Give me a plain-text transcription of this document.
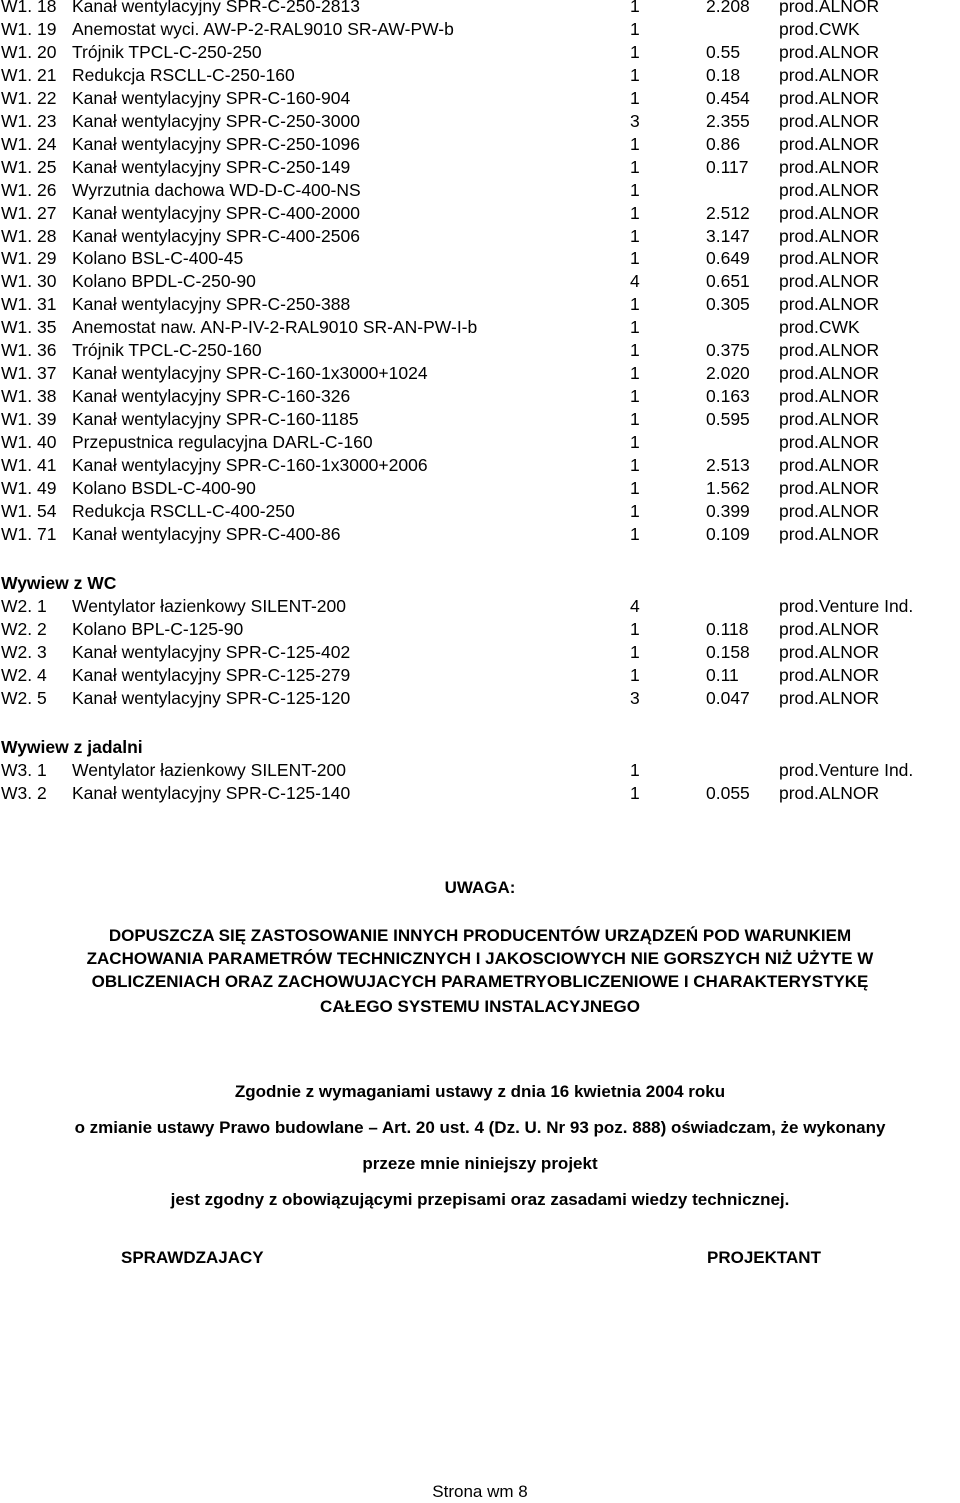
W1. 18 Kanał wentylacyjny SPR-C-250-2813	1	2.208 prod.ALNOR
W1. 19 Anemostat wyci. AW-P-2-RAL9010 SR-AW-PW-b	1	prod.CWK
W1. 20 Trójnik TPCL-C-250-250	1	0.55 prod.ALNOR
W1. 21 Redukcja RSCLL-C-250-160	1	0.18 prod.ALNOR
W1. 22 Kanał wentylacyjny SPR-C-160-904	1	0.454 prod.ALNOR
W1. 23 Kanał wentylacyjny SPR-C-250-3000	3	2.355 prod.ALNOR
W1. 24 Kanał wentylacyjny SPR-C-250-1096	1	0.86 prod.ALNOR
W1. 25 Kanał wentylacyjny SPR-C-250-149	1	0.117 prod.ALNOR
W1. 26 Wyrzutnia dachowa WD-D-C-400-NS	1	prod.ALNOR
W1. 27 Kanał wentylacyjny SPR-C-400-2000	1	2.512 prod.ALNOR
W1. 28 Kanał wentylacyjny SPR-C-400-2506	1	3.147 prod.ALNOR
W1. 29 Kolano BSL-C-400-45	1	0.649 prod.ALNOR
W1. 30 Kolano BPDL-C-250-90	4	0.651 prod.ALNOR
W1. 31 Kanał wentylacyjny SPR-C-250-388	1	0.305 prod.ALNOR
W1. 35 Anemostat naw. AN-P-IV-2-RAL9010 SR-AN-PW-I-b	1	prod.CWK
W1. 36 Trójnik TPCL-C-250-160	1	0.375 prod.ALNOR
W1. 37 Kanał wentylacyjny SPR-C-160-1x3000+1024	1	2.020 prod.ALNOR
W1. 38 Kanał wentylacyjny SPR-C-160-326	1	0.163 prod.ALNOR
W1. 39 Kanał wentylacyjny SPR-C-160-1185	1	0.595 prod.ALNOR
W1. 40 Przepustnica regulacyjna DARL-C-160	1	prod.ALNOR
W1. 41 Kanał wentylacyjny SPR-C-160-1x3000+2006	1	2.513 prod.ALNOR
W1. 49 Kolano BSDL-C-400-90	1	1.562 prod.ALNOR
W1. 54 Redukcja RSCLL-C-400-250	1	0.399 prod.ALNOR
W1. 71 Kanał wentylacyjny SPR-C-400-86	1	0.109 prod.ALNOR
Wywiew z WC
W2. 1 Wentylator łazienkowy SILENT-200	4	prod.Venture Ind.
W2. 2 Kolano BPL-C-125-90	1	0.118 prod.ALNOR
W2. 3 Kanał wentylacyjny SPR-C-125-402	1	0.158 prod.ALNOR
W2. 4 Kanał wentylacyjny SPR-C-125-279	1	0.11 prod.ALNOR
W2. 5 Kanał wentylacyjny SPR-C-125-120	3	0.047 prod.ALNOR
Wywiew z jadalni
W3. 1 Wentylator łazienkowy SILENT-200	1	prod.Venture Ind.
W3. 2 Kanał wentylacyjny SPR-C-125-140	1	0.055 prod.ALNOR
UWAGA:
DOPUSZCZA SIĘ ZASTOSOWANIE INNYCH PRODUCENTÓW URZĄDZEŃ POD WARUNKIEM
ZACHOWANIA PARAMETRÓW TECHNICZNYCH I JAKOSCIOWYCH NIE GORSZYCH NIŻ UŻYTE W
OBLICZENIACH ORAZ ZACHOWUJACYCH PARAMETRYOBLICZENIOWE I CHARAKTERYSTYKĘ
CAŁEGO SYSTEMU INSTALACYJNEGO
Zgodnie z wymaganiami ustawy z dnia 16 kwietnia 2004 roku
o zmianie ustawy Prawo budowlane – Art. 20 ust. 4 (Dz. U. Nr 93 poz. 888) oświadczam, że wykonany
przeze mnie niniejszy projekt
jest zgodny z obowiązującymi przepisami oraz zasadami wiedzy technicznej.
SPRAWDZAJACY	PROJEKTANT
Strona wm 8
